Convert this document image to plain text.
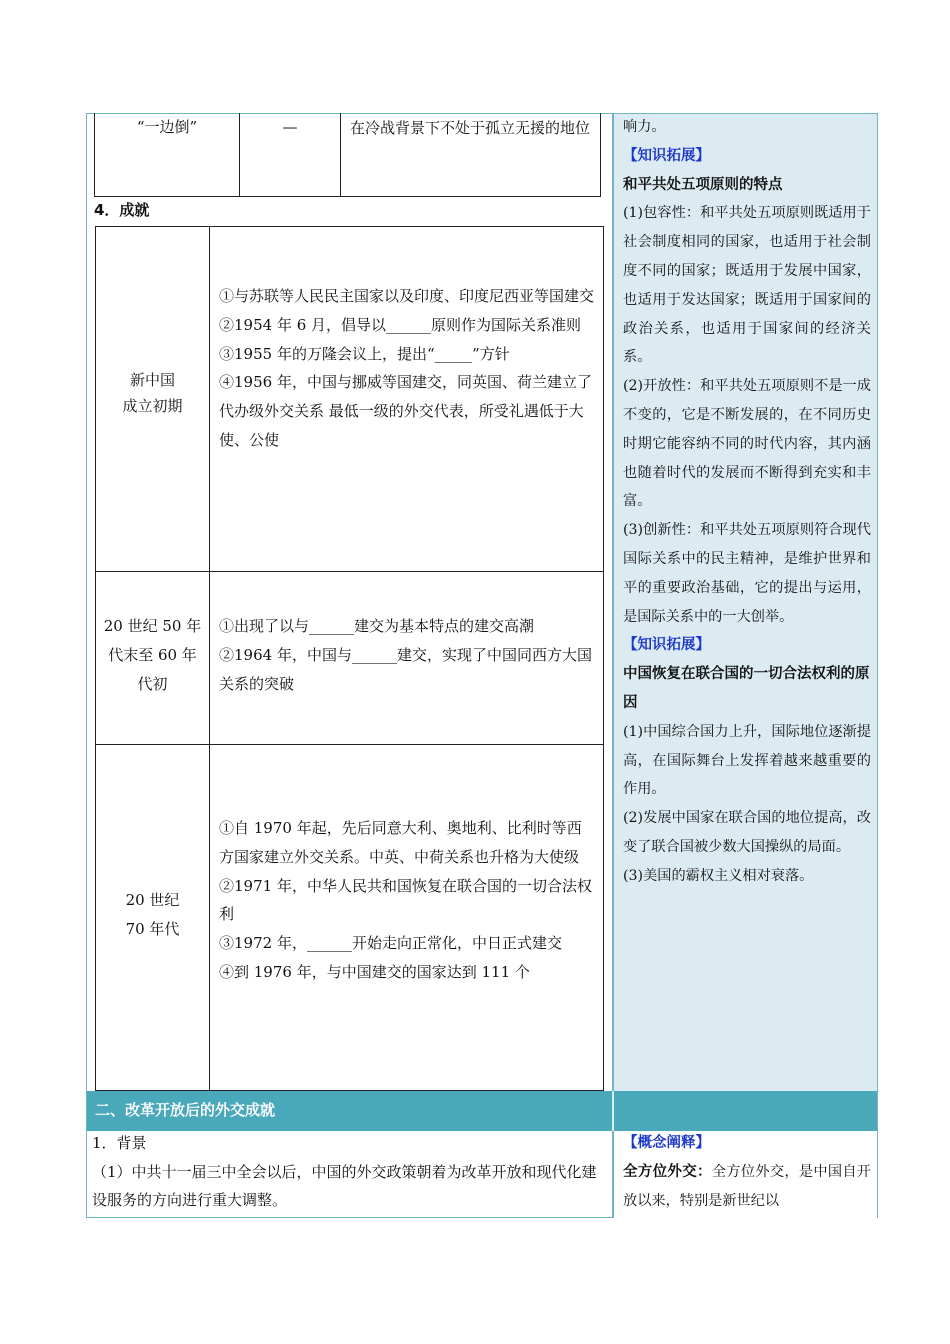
“一边倒”	—	在冷战背景下不处于孤立无援的地位
4．成就
新中国
成立初期
①与苏联等人民民主国家以及印度、印度尼西亚等国建交
②1954 年 6 月，倡导以______原则作为国际关系准则
③1955 年的万隆会议上，提出“_____”方针
④1956 年，中国与挪威等国建交，同英国、荷兰建立了代办级外交关系 最低一级的外交代表，所受礼遇低于大使、公使
20 世纪 50 年
代末至 60 年
代初
①出现了以与______建交为基本特点的建交高潮
②1964 年，中国与______建交，实现了中国同西方大国关系的突破
20 世纪
70 年代
①自 1970 年起，先后同意大利、奥地利、比利时等西方国家建立外交关系。中英、中荷关系也升格为大使级
②1971 年，中华人民共和国恢复在联合国的一切合法权利
③1972 年，______开始走向正常化，中日正式建交
④到 1976 年，与中国建交的国家达到 111 个
响力。
【知识拓展】
和平共处五项原则的特点
(1)包容性：和平共处五项原则既适用于社会制度相同的国家，也适用于社会制度不同的国家；既适用于发展中国家，也适用于发达国家；既适用于国家间的政治关系，也适用于国家间的经济关系。
(2)开放性：和平共处五项原则不是一成不变的，它是不断发展的，在不同历史时期它能容纳不同的时代内容，其内涵也随着时代的发展而不断得到充实和丰富。
(3)创新性：和平共处五项原则符合现代国际关系中的民主精神，是维护世界和平的重要政治基础，它的提出与运用，是国际关系中的一大创举。
【知识拓展】
中国恢复在联合国的一切合法权利的原因
(1)中国综合国力上升，国际地位逐渐提高，在国际舞台上发挥着越来越重要的作用。
(2)发展中国家在联合国的地位提高，改变了联合国被少数大国操纵的局面。
(3)美国的霸权主义相对衰落。
二、改革开放后的外交成就
1．背景
（1）中共十一届三中全会以后，中国的外交政策朝着为改革开放和现代化建设服务的方向进行重大调整。
【概念阐释】
全方位外交：全方位外交，是中国自开放以来，特别是新世纪以
